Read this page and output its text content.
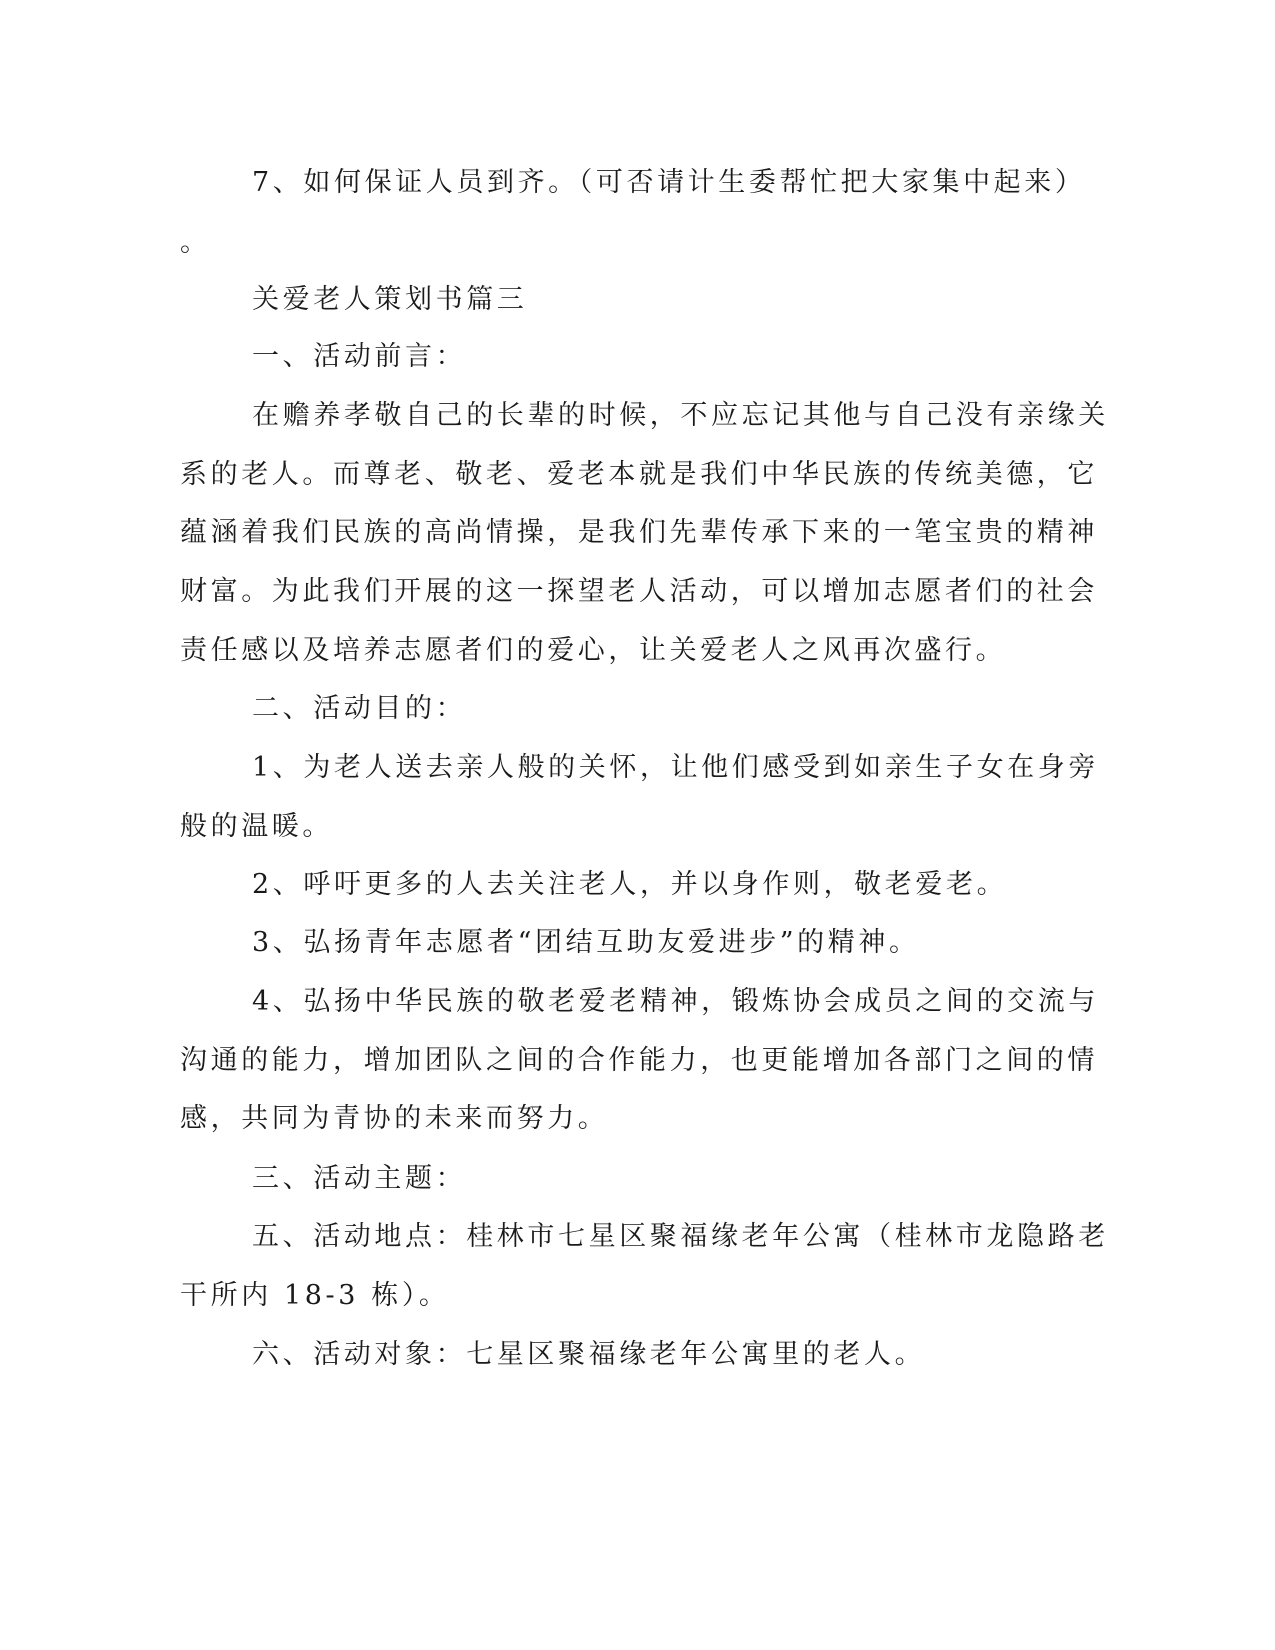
7、如何保证人员到齐。（可否请计生委帮忙把大家集中起来）
。
关爱老人策划书篇三
一、活动前言：
在赡养孝敬自己的长辈的时候，不应忘记其他与自己没有亲缘关
系的老人。而尊老、敬老、爱老本就是我们中华民族的传统美德，它
蕴涵着我们民族的高尚情操，是我们先辈传承下来的一笔宝贵的精神
财富。为此我们开展的这一探望老人活动，可以增加志愿者们的社会
责任感以及培养志愿者们的爱心，让关爱老人之风再次盛行。
二、活动目的：
1、为老人送去亲人般的关怀，让他们感受到如亲生子女在身旁
般的温暖。
2、呼吁更多的人去关注老人，并以身作则，敬老爱老。
3、弘扬青年志愿者“团结互助友爱进步”的精神。
4、弘扬中华民族的敬老爱老精神，锻炼协会成员之间的交流与
沟通的能力，增加团队之间的合作能力，也更能增加各部门之间的情
感，共同为青协的未来而努力。
三、活动主题：
五、活动地点：桂林市七星区聚福缘老年公寓（桂林市龙隐路老
干所内 18-3 栋）。
六、活动对象：七星区聚福缘老年公寓里的老人。
